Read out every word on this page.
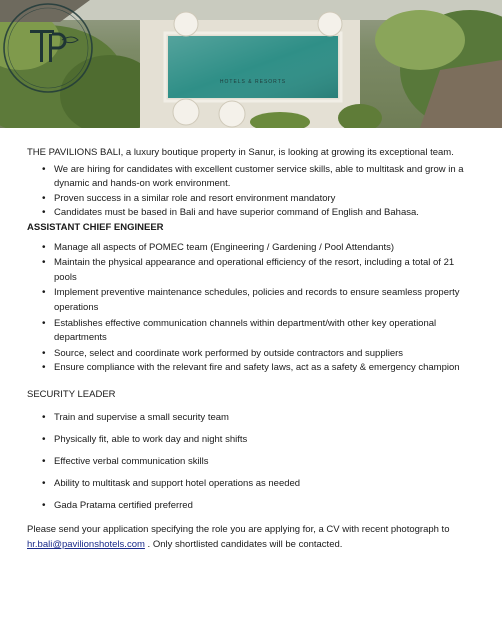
HOTELS & RESORTS

THE PAVILIONS BALI, a luxury boutique property in Sanur, is looking at growing its exceptional team.

• We are hiring for candidates with excellent customer service skills, able to multitask and grow in a dynamic and hands-on work environment.
• Proven success in a similar role and resort environment mandatory
• Candidates must be based in Bali and have superior command of English and Bahasa.

ASSISTANT CHIEF ENGINEER

• Manage all aspects of POMEC team (Engineering / Gardening / Pool Attendants)
• Maintain the physical appearance and operational efficiency of the resort, including a total of 21 pools
• Implement preventive maintenance schedules, policies and records to ensure seamless property operations
• Establishes effective communication channels within department/with other key operational departments
• Source, select and coordinate work performed by outside contractors and suppliers
• Ensure compliance with the relevant fire and safety laws, act as a safety & emergency champion

SECURITY LEADER

• Train and supervise a small security team
• Physically fit, able to work day and night shifts
• Effective verbal communication skills
• Ability to multitask and support hotel operations as needed
• Gada Pratama certified preferred

Please send your application specifying the role you are applying for, a CV with recent photograph to hr.bali@pavilionshotels.com . Only shortlisted candidates will be contacted.
